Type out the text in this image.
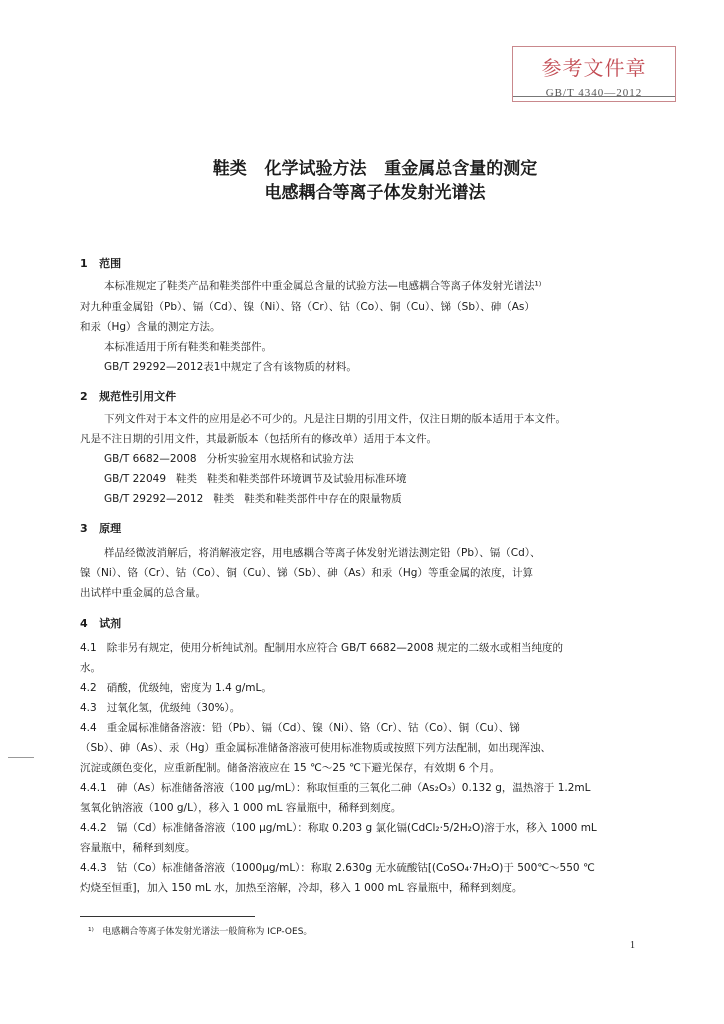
参考文件章
GB/T 4340—2012
鞋类   化学试验方法   重金属总含量的测定
电感耦合等离子体发射光谱法
1   范围
本标准规定了鞋类产品和鞋类部件中重金属总含量的试验方法—电感耦合等离子体发射光谱法¹⁾
对九种重金属铅（Pb）、镉（Cd）、镍（Ni）、铬（Cr）、钴（Co）、铜（Cu）、锑（Sb）、砷（As）
和汞（Hg）含量的测定方法。
本标准适用于所有鞋类和鞋类部件。
GB/T 29292—2012表1中规定了含有该物质的材料。
2   规范性引用文件
下列文件对于本文件的应用是必不可少的。凡是注日期的引用文件，仅注日期的版本适用于本文件。
凡是不注日期的引用文件，其最新版本（包括所有的修改单）适用于本文件。
GB/T 6682—2008   分析实验室用水规格和试验方法
GB/T 22049   鞋类   鞋类和鞋类部件环境调节及试验用标准环境
GB/T 29292—2012   鞋类   鞋类和鞋类部件中存在的限量物质
3   原理
样品经微波消解后，将消解液定容，用电感耦合等离子体发射光谱法测定铅（Pb）、镉（Cd）、
镍（Ni）、铬（Cr）、钴（Co）、铜（Cu）、锑（Sb）、砷（As）和汞（Hg）等重金属的浓度，计算
出试样中重金属的总含量。
4   试剂
4.1   除非另有规定，使用分析纯试剂。配制用水应符合 GB/T 6682—2008 规定的二级水或相当纯度的
水。
4.2   硝酸，优级纯，密度为 1.4 g/mL。
4.3   过氧化氢，优级纯（30%）。
4.4   重金属标准储备溶液：铅（Pb）、镉（Cd）、镍（Ni）、铬（Cr）、钴（Co）、铜（Cu）、锑
（Sb）、砷（As）、汞（Hg）重金属标准储备溶液可使用标准物质或按照下列方法配制，如出现浑浊、
沉淀或颜色变化，应重新配制。储备溶液应在 15 ℃～25 ℃下避光保存，有效期 6 个月。
4.4.1   砷（As）标准储备溶液（100 μg/mL）：称取恒重的三氧化二砷（As₂O₃）0.132 g，温热溶于 1.2mL
氢氧化钠溶液（100 g/L），移入 1 000 mL 容量瓶中，稀释到刻度。
4.4.2   镉（Cd）标准储备溶液（100 μg/mL）：称取 0.203 g 氯化镉(CdCl₂·5/2H₂O)溶于水，移入 1000 mL
容量瓶中，稀释到刻度。
4.4.3   钴（Co）标准储备溶液（1000μg/mL）：称取 2.630g 无水硫酸钴[(CoSO₄·7H₂O)于 500℃～550 ℃
灼烧至恒重]，加入 150 mL 水，加热至溶解，冷却，移入 1 000 mL 容量瓶中，稀释到刻度。
¹⁾   电感耦合等离子体发射光谱法一般简称为 ICP-OES。
1
